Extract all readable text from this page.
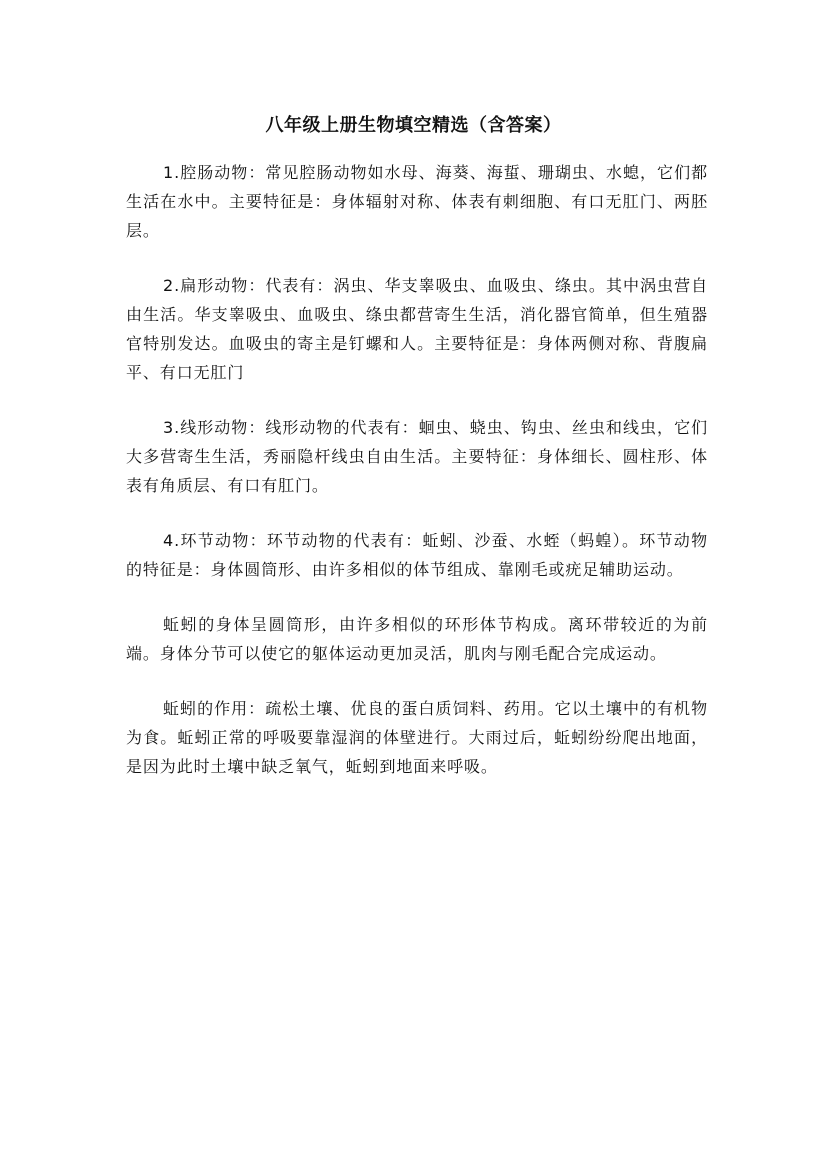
八年级上册生物填空精选（含答案）

1.腔肠动物：常见腔肠动物如水母、海葵、海蜇、珊瑚虫、水螅，它们都生活在水中。主要特征是：身体辐射对称、体表有刺细胞、有口无肛门、两胚层。

2.扁形动物：代表有：涡虫、华支睾吸虫、血吸虫、绦虫。其中涡虫营自由生活。华支睾吸虫、血吸虫、绦虫都营寄生生活，消化器官简单，但生殖器官特别发达。血吸虫的寄主是钉螺和人。主要特征是：身体两侧对称、背腹扁平、有口无肛门

3.线形动物：线形动物的代表有：蛔虫、蛲虫、钩虫、丝虫和线虫，它们大多营寄生生活，秀丽隐杆线虫自由生活。主要特征：身体细长、圆柱形、体表有角质层、有口有肛门。

4.环节动物：环节动物的代表有：蚯蚓、沙蚕、水蛭（蚂蝗）。环节动物的特征是：身体圆筒形、由许多相似的体节组成、靠刚毛或疣足辅助运动。

蚯蚓的身体呈圆筒形，由许多相似的环形体节构成。离环带较近的为前端。身体分节可以使它的躯体运动更加灵活，肌肉与刚毛配合完成运动。

蚯蚓的作用：疏松土壤、优良的蛋白质饲料、药用。它以土壤中的有机物为食。蚯蚓正常的呼吸要靠湿润的体壁进行。大雨过后，蚯蚓纷纷爬出地面，是因为此时土壤中缺乏氧气，蚯蚓到地面来呼吸。
